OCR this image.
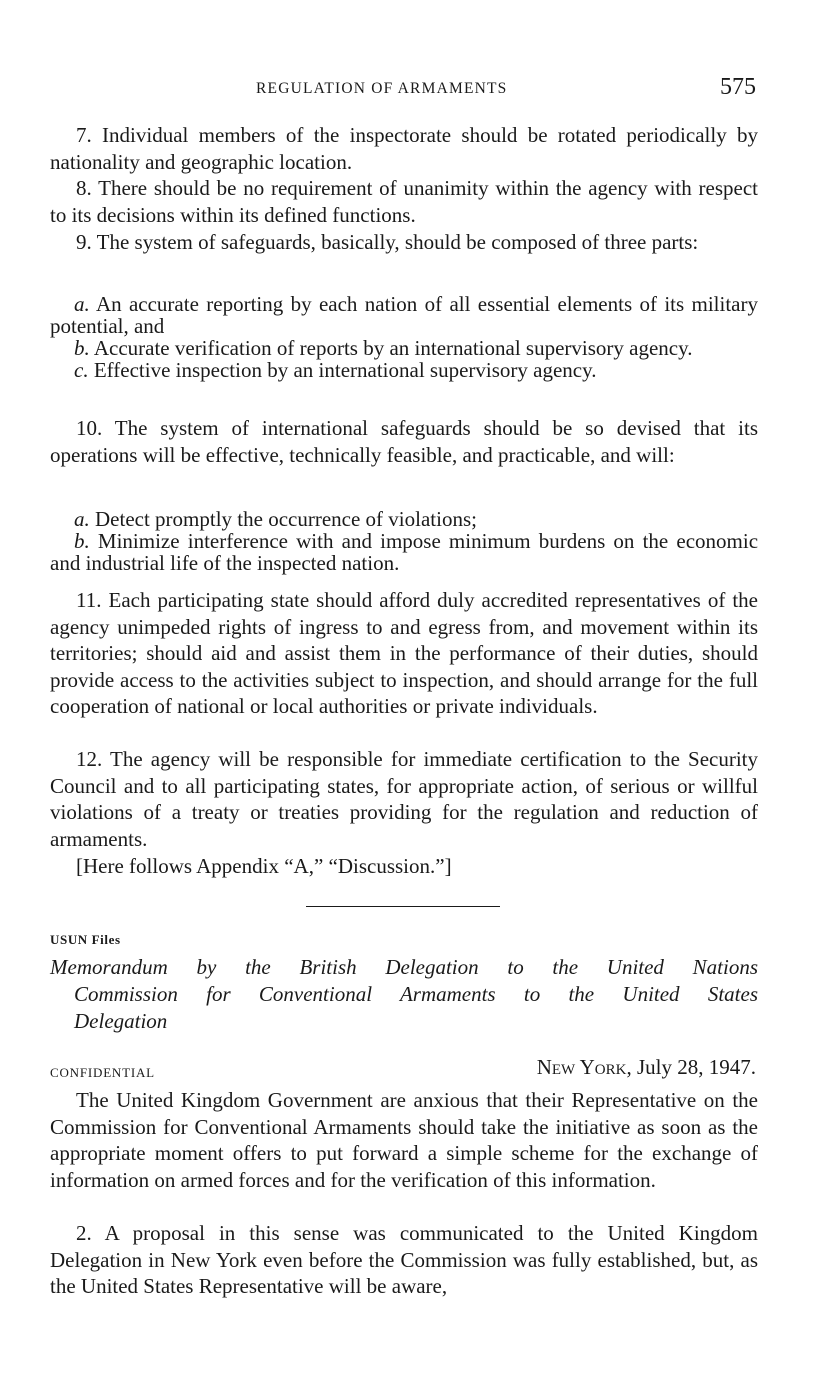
REGULATION OF ARMAMENTS	575

7. Individual members of the inspectorate should be rotated periodically by nationality and geographic location.

8. There should be no requirement of unanimity within the agency with respect to its decisions within its defined functions.

9. The system of safeguards, basically, should be composed of three parts:

a. An accurate reporting by each nation of all essential elements of its military potential, and
b. Accurate verification of reports by an international supervisory agency.
c. Effective inspection by an international supervisory agency.

10. The system of international safeguards should be so devised that its operations will be effective, technically feasible, and practicable, and will:

a. Detect promptly the occurrence of violations;
b. Minimize interference with and impose minimum burdens on the economic and industrial life of the inspected nation.

11. Each participating state should afford duly accredited representatives of the agency unimpeded rights of ingress to and egress from, and movement within its territories; should aid and assist them in the performance of their duties, should provide access to the activities subject to inspection, and should arrange for the full cooperation of national or local authorities or private individuals.

12. The agency will be responsible for immediate certification to the Security Council and to all participating states, for appropriate action, of serious or willful violations of a treaty or treaties providing for the regulation and reduction of armaments.

[Here follows Appendix “A,” “Discussion.”]

USUN Files
Memorandum by the British Delegation to the United Nations
Commission for Conventional Armaments to the United States
Delegation
CONFIDENTIAL	New York, July 28, 1947.

The United Kingdom Government are anxious that their Representative on the Commission for Conventional Armaments should take the initiative as soon as the appropriate moment offers to put forward a simple scheme for the exchange of information on armed forces and for the verification of this information.

2. A proposal in this sense was communicated to the United Kingdom Delegation in New York even before the Commission was fully established, but, as the United States Representative will be aware,
